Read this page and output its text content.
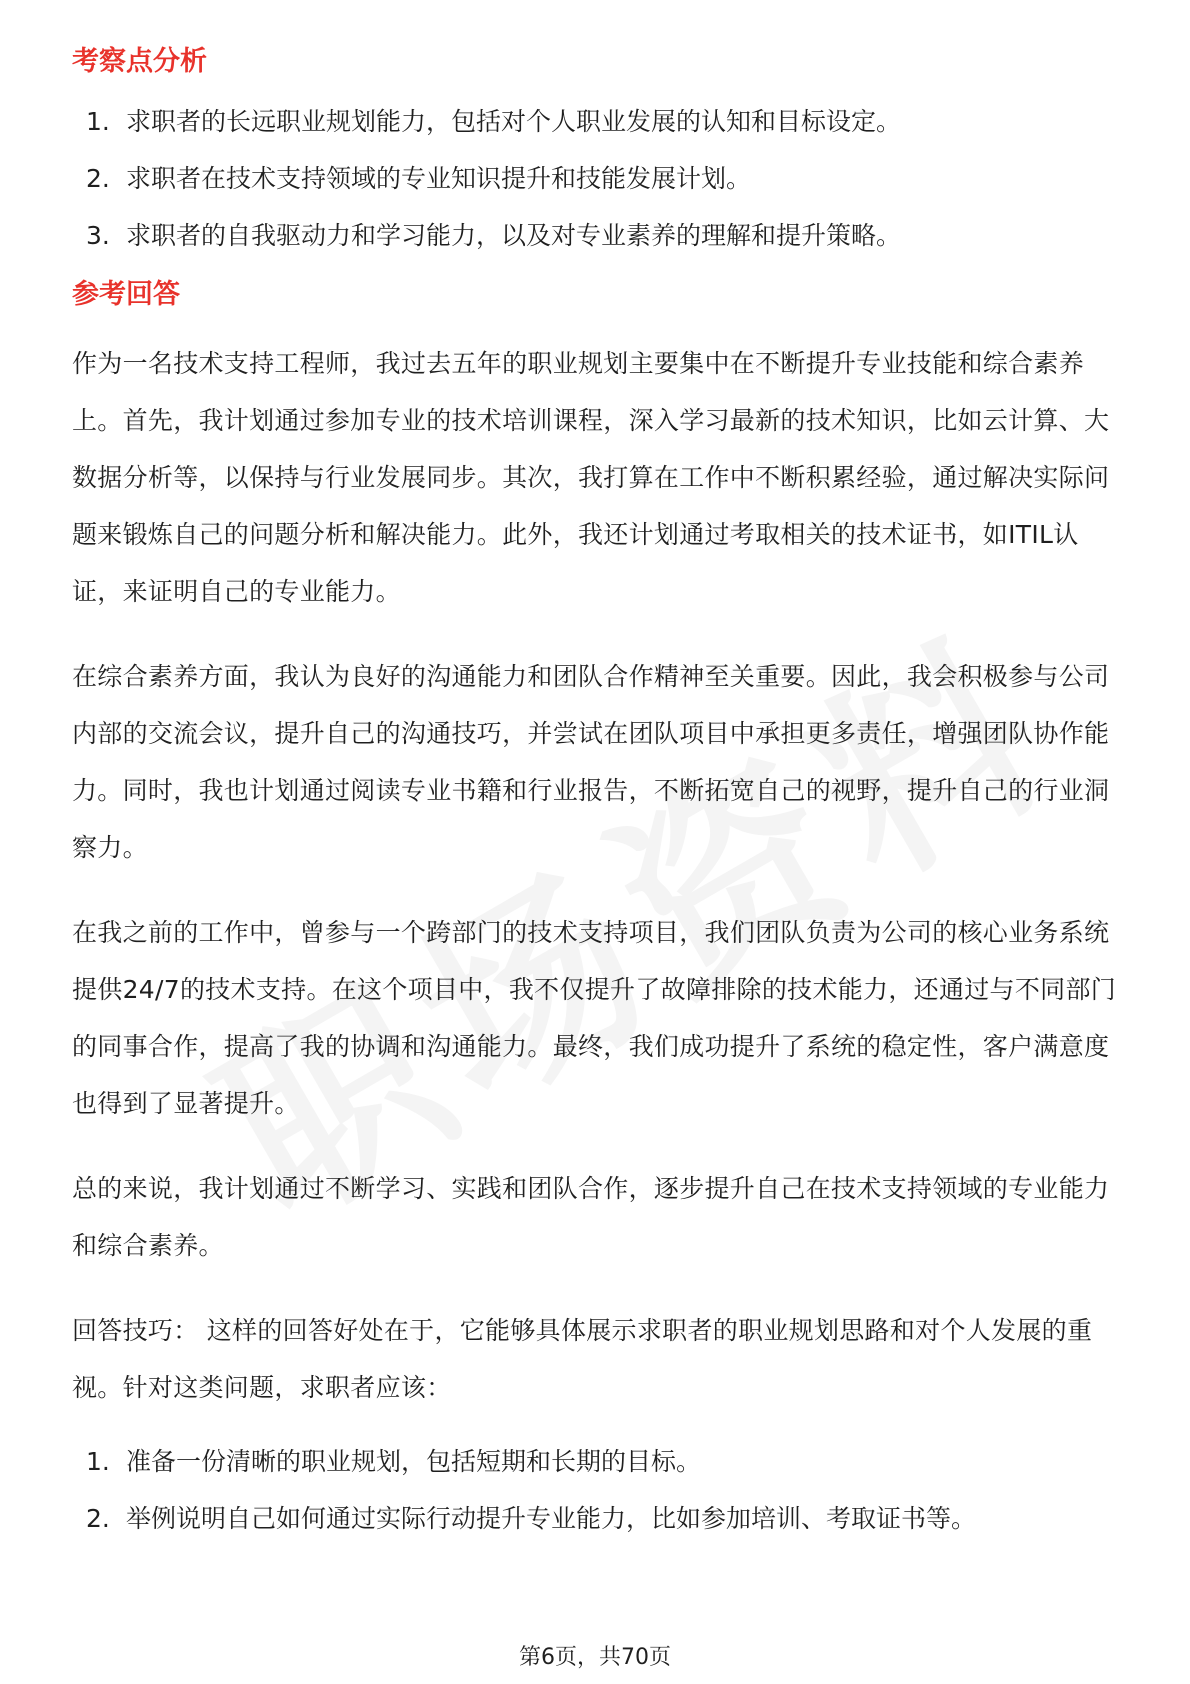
考察点分析
1. 求职者的长远职业规划能力，包括对个人职业发展的认知和目标设定。
2. 求职者在技术支持领域的专业知识提升和技能发展计划。
3. 求职者的自我驱动力和学习能力，以及对专业素养的理解和提升策略。
参考回答

作为一名技术支持工程师，我过去五年的职业规划主要集中在不断提升专业技能和综合素养上。首先，我计划通过参加专业的技术培训课程，深入学习最新的技术知识，比如云计算、大数据分析等，以保持与行业发展同步。其次，我打算在工作中不断积累经验，通过解决实际问题来锻炼自己的问题分析和解决能力。此外，我还计划通过考取相关的技术证书，如ITIL认证，来证明自己的专业能力。

在综合素养方面，我认为良好的沟通能力和团队合作精神至关重要。因此，我会积极参与公司内部的交流会议，提升自己的沟通技巧，并尝试在团队项目中承担更多责任，增强团队协作能力。同时，我也计划通过阅读专业书籍和行业报告，不断拓宽自己的视野，提升自己的行业洞察力。

在我之前的工作中，曾参与一个跨部门的技术支持项目，我们团队负责为公司的核心业务系统提供24/7的技术支持。在这个项目中，我不仅提升了故障排除的技术能力，还通过与不同部门的同事合作，提高了我的协调和沟通能力。最终，我们成功提升了系统的稳定性，客户满意度也得到了显著提升。

总的来说，我计划通过不断学习、实践和团队合作，逐步提升自己在技术支持领域的专业能力和综合素养。

回答技巧： 这样的回答好处在于，它能够具体展示求职者的职业规划思路和对个人发展的重视。针对这类问题，求职者应该：

1. 准备一份清晰的职业规划，包括短期和长期的目标。
2. 举例说明自己如何通过实际行动提升专业能力，比如参加培训、考取证书等。
第6页，共70页
